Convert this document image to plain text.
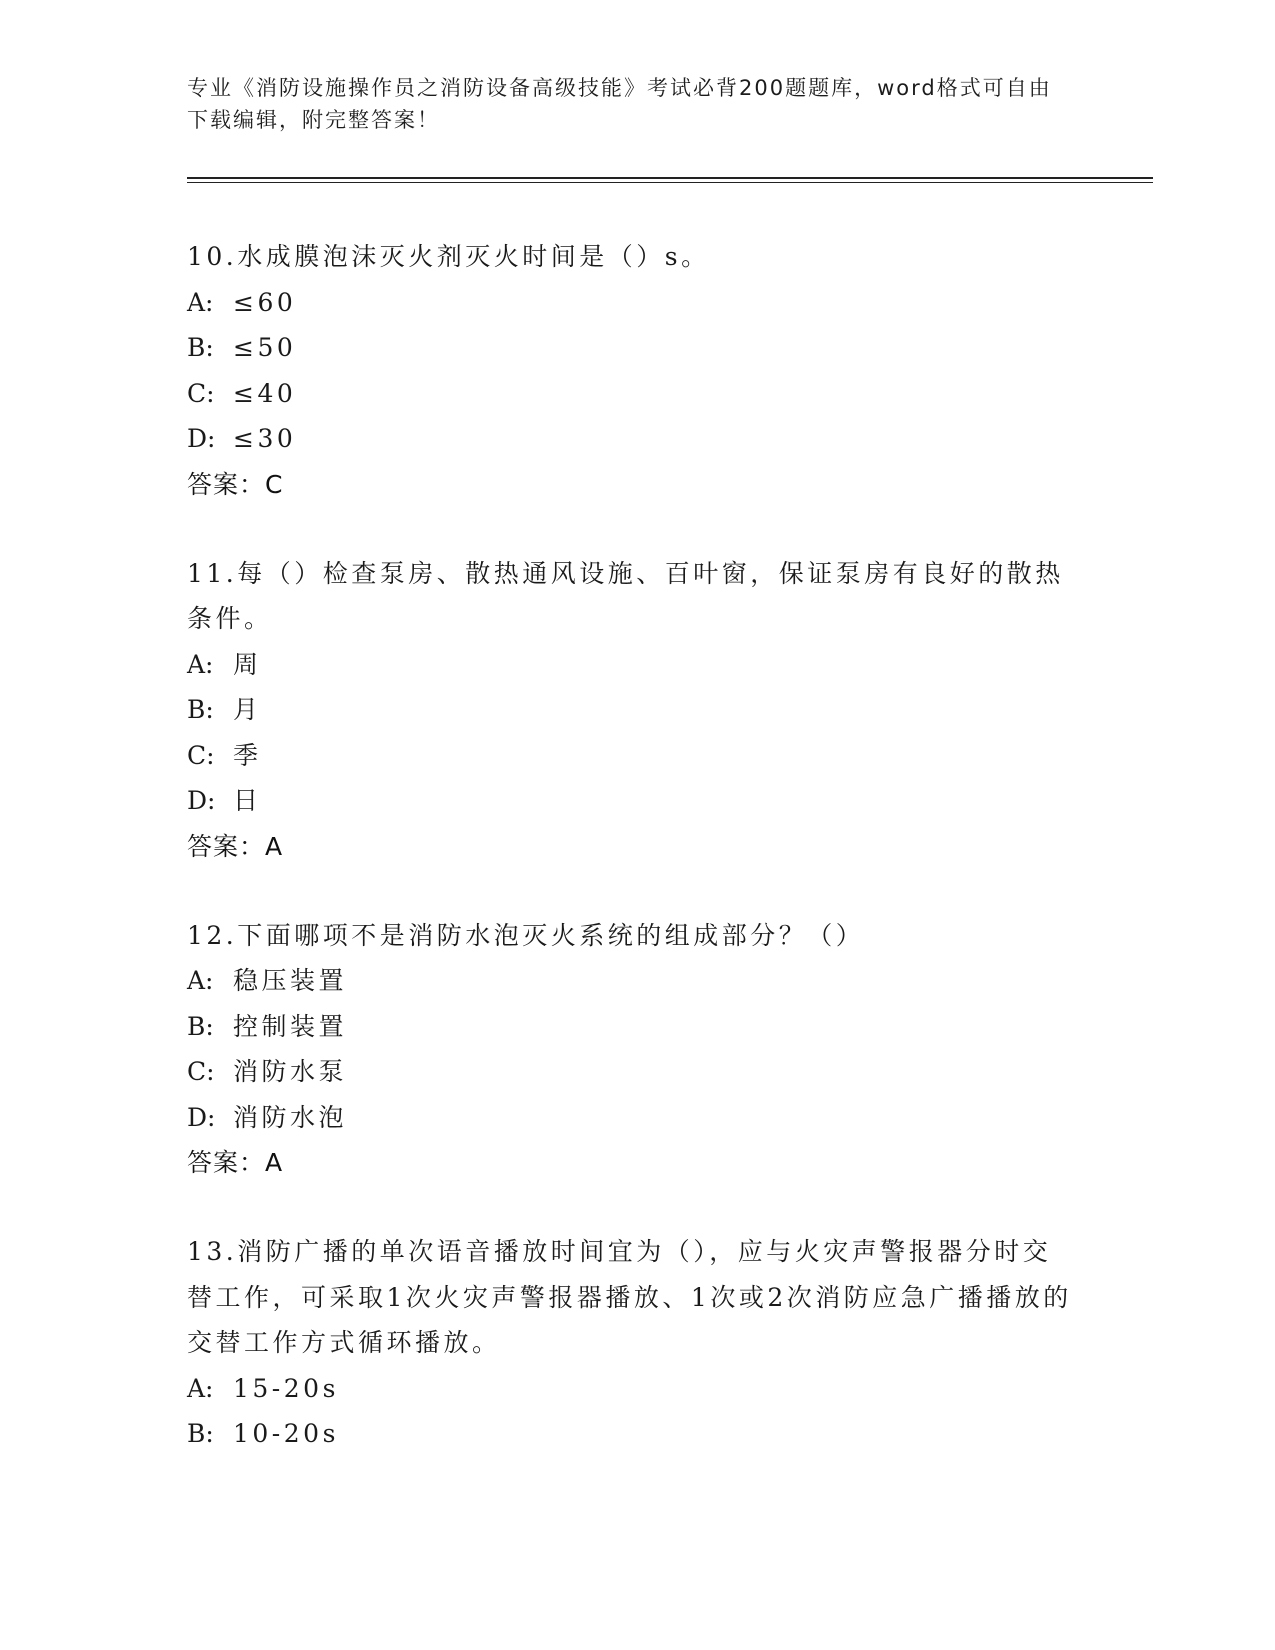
专业《消防设施操作员之消防设备高级技能》考试必背200题题库，word格式可自由下载编辑，附完整答案！
10.水成膜泡沫灭火剂灭火时间是（）s。
A: ≤60
B: ≤50
C: ≤40
D: ≤30
答案：C
11.每（）检查泵房、散热通风设施、百叶窗，保证泵房有良好的散热条件。
A: 周
B: 月
C: 季
D: 日
答案：A
12.下面哪项不是消防水泡灭火系统的组成部分？（）
A: 稳压装置
B: 控制装置
C: 消防水泵
D: 消防水泡
答案：A
13.消防广播的单次语音播放时间宜为（），应与火灾声警报器分时交替工作，可采取1次火灾声警报器播放、1次或2次消防应急广播播放的交替工作方式循环播放。
A: 15-20s
B: 10-20s
